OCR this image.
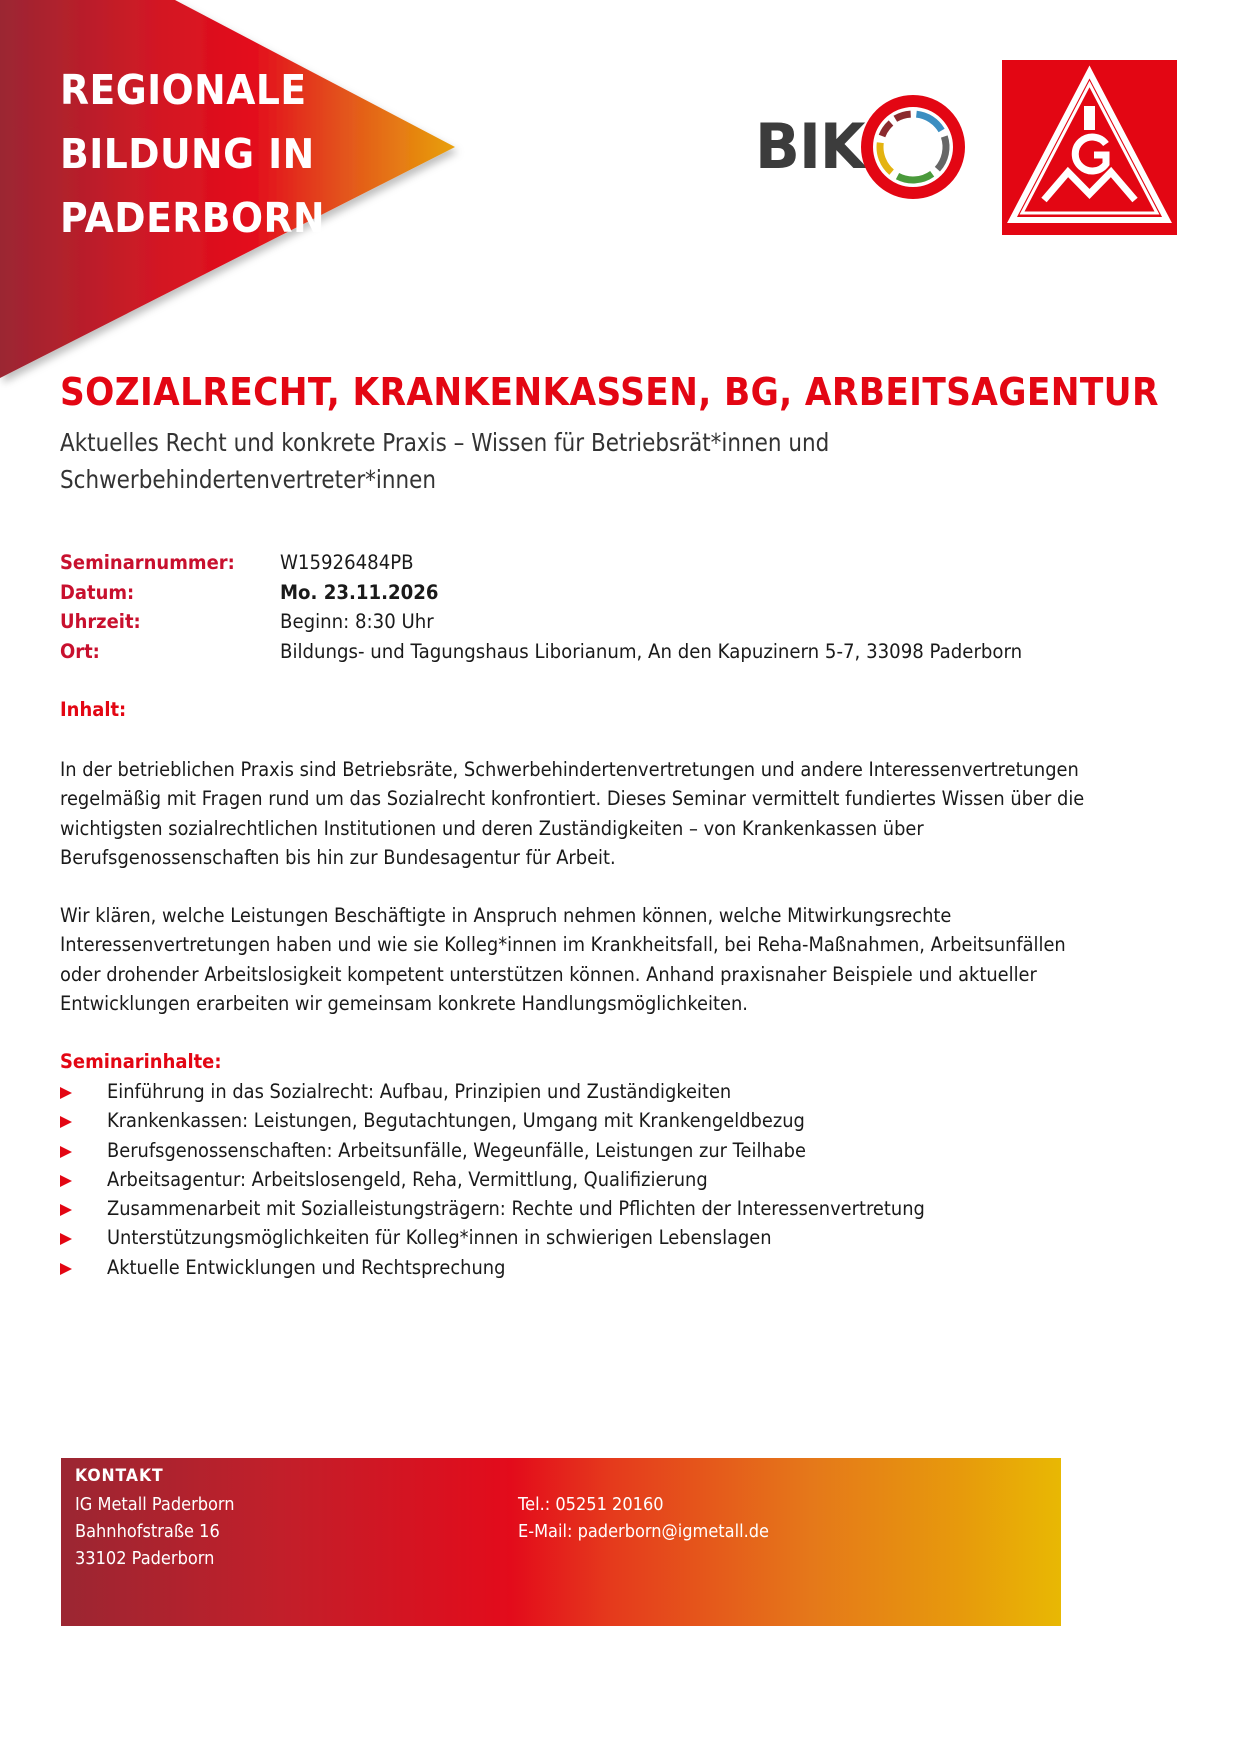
REGIONALE
BILDUNG IN
PADERBORN
BIK
SOZIALRECHT, KRANKENKASSEN, BG, ARBEITSAGENTUR

Aktuelles Recht und konkrete Praxis – Wissen für Betriebsrät*innen und
Schwerbehindertenvertreter*innen

Seminarnummer:	W15926484PB
Datum:	Mo. 23.11.2026
Uhrzeit:	Beginn: 8:30 Uhr
Ort:	Bildungs- und Tagungshaus Liborianum, An den Kapuzinern 5-7, 33098 Paderborn
Inhalt:

In der betrieblichen Praxis sind Betriebsräte, Schwerbehindertenvertretungen und andere Interessenvertretungen
regelmäßig mit Fragen rund um das Sozialrecht konfrontiert. Dieses Seminar vermittelt fundiertes Wissen über die
wichtigsten sozialrechtlichen Institutionen und deren Zuständigkeiten – von Krankenkassen über
Berufsgenossenschaften bis hin zur Bundesagentur für Arbeit.

Wir klären, welche Leistungen Beschäftigte in Anspruch nehmen können, welche Mitwirkungsrechte
Interessenvertretungen haben und wie sie Kolleg*innen im Krankheitsfall, bei Reha-Maßnahmen, Arbeitsunfällen
oder drohender Arbeitslosigkeit kompetent unterstützen können. Anhand praxisnaher Beispiele und aktueller
Entwicklungen erarbeiten wir gemeinsam konkrete Handlungsmöglichkeiten.

Seminarinhalte:
Einführung in das Sozialrecht: Aufbau, Prinzipien und Zuständigkeiten
Krankenkassen: Leistungen, Begutachtungen, Umgang mit Krankengeldbezug
Berufsgenossenschaften: Arbeitsunfälle, Wegeunfälle, Leistungen zur Teilhabe
Arbeitsagentur: Arbeitslosengeld, Reha, Vermittlung, Qualifizierung
Zusammenarbeit mit Sozialleistungsträgern: Rechte und Pflichten der Interessenvertretung
Unterstützungsmöglichkeiten für Kolleg*innen in schwierigen Lebenslagen
Aktuelle Entwicklungen und Rechtsprechung
KONTAKT
IG Metall Paderborn
Bahnhofstraße 16
33102 Paderborn
Tel.: 05251 20160
E-Mail: paderborn@igmetall.de
